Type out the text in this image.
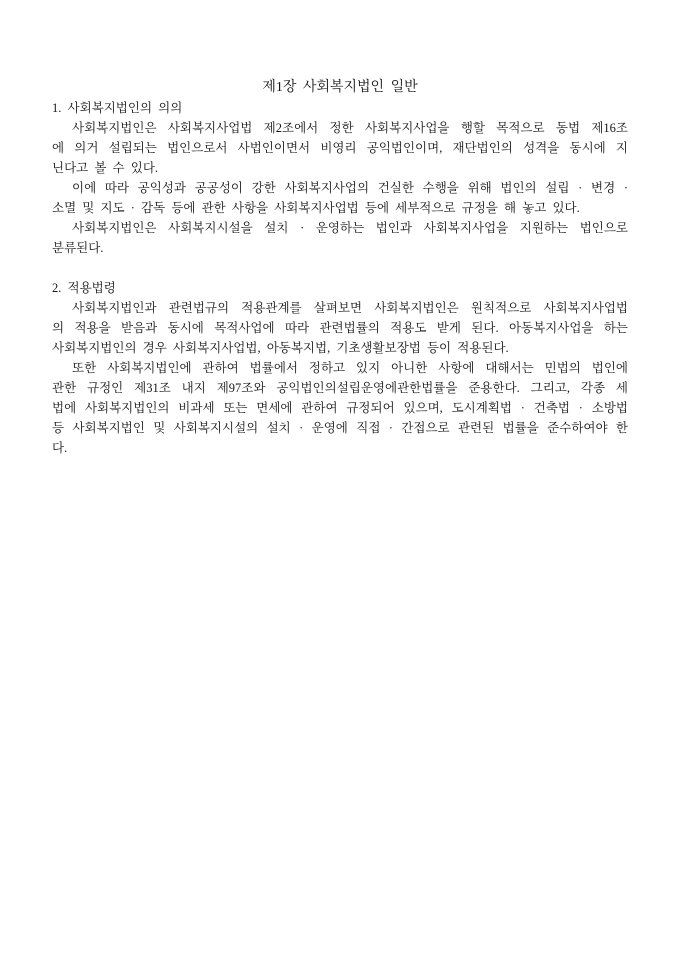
제1장 사회복지법인 일반
1. 사회복지법인의 의의
사회복지법인은 사회복지사업법 제2조에서 정한 사회복지사업을 행할 목적으로 동법 제16조
에 의거 설립되는 법인으로서 사법인이면서 비영리 공익법인이며, 재단법인의 성격을 동시에 지
닌다고 볼 수 있다.
이에 따라 공익성과 공공성이 강한 사회복지사업의 건실한 수행을 위해 법인의 설립 · 변경 ·
소멸 및 지도 · 감독 등에 관한 사항을 사회복지사업법 등에 세부적으로 규정을 해 놓고 있다.
사회복지법인은 사회복지시설을 설치 · 운영하는 법인과 사회복지사업을 지원하는 법인으로
분류된다.
2. 적용법령
사회복지법인과 관련법규의 적용관계를 살펴보면 사회복지법인은 원칙적으로 사회복지사업법
의 적용을 받음과 동시에 목적사업에 따라 관련법률의 적용도 받게 된다. 아동복지사업을 하는
사회복지법인의 경우 사회복지사업법, 아동복지법, 기초생활보장법 등이 적용된다.
또한 사회복지법인에 관하여 법률에서 정하고 있지 아니한 사항에 대해서는 민법의 법인에
관한 규정인 제31조 내지 제97조와 공익법인의설립운영에관한법률을 준용한다. 그리고, 각종 세
법에 사회복지법인의 비과세 또는 면세에 관하여 규정되어 있으며, 도시계획법 · 건축법 · 소방법
등 사회복지법인 및 사회복지시설의 설치 · 운영에 직접 · 간접으로 관련된 법률을 준수하여야 한
다.
